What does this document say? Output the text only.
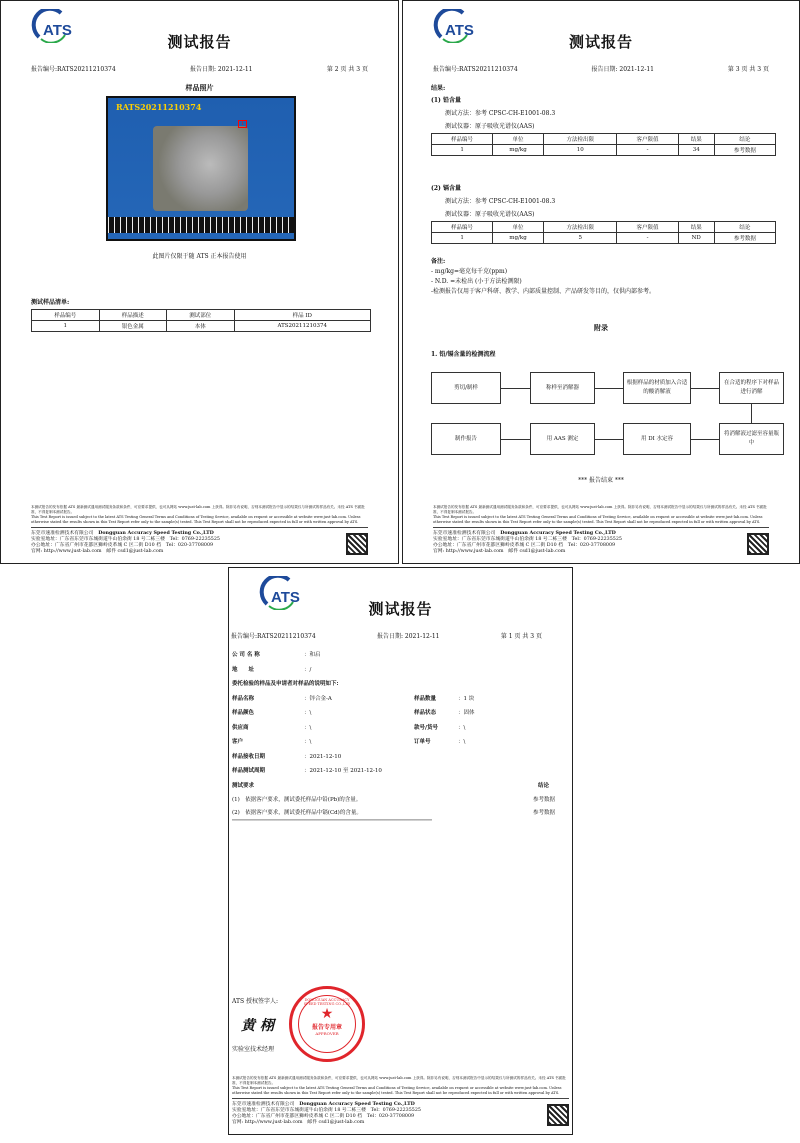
ATS
测试报告
报告编号:RATS20211210374	报告日期: 2021-12-11	第 2 页 共 3 页
样品照片
RATS20211210374
1
此图片仅限于随 ATS 正本报告使用
测试样品清单:
样品编号	样品描述	测试部位	样品 ID
1	银色金属	本体	ATS20211210374
本测试报告的发布依据 ATS 最新测试通用测试服务条款和条件，可应要求提供，也可从网站 www.just-lab.com 上获得。除非另有说明，否则本测试报告中显示的结果仅与所测试的样品有关。未经 ATS 书面批准，不得复制本测试报告。
This Test Report is issued subject to the latest ATS Testing General Terms and Conditions of Testing Service, available on request or accessible at website www.just-lab.com. Unless otherwise stated the results shown in this Test Report refer only to the sample(s) tested. This Test Report shall not be reproduced expected in full or with written approval by ATS.
东莞市速准检测技术有限公司　 Dongguan Accuracy Speed Testing Co.,LTD
实验室地址：广东省东莞市东城街道牛山伯余街 18 号二栋三楼　 Tel：0769-22235525
办公地址：广东省广州市花都区狮岭皮革城 C 区二街 D10 档　 Tel：020-37708009
官网: http://www.just-lab.com　 邮件 csd1@just-lab.com
ATS
测试报告
报告编号:RATS20211210374	报告日期: 2021-12-11	第 3 页 共 3 页
结果:
(1) 铅含量
测试方法：参考 CPSC-CH-E1001-08.3
测试仪器：原子吸收光谱仪(AAS)
样品编号	单位	方法检出限	客户限值	结果	结论
1	mg/kg	10	-	34	参考数据
(2) 镉含量
测试方法：参考 CPSC-CH-E1001-08.3
测试仪器：原子吸收光谱仪(AAS)
样品编号	单位	方法检出限	客户限值	结果	结论
1	mg/kg	5	-	ND	参考数据
备注:
- mg/kg=毫克每千克(ppm)
- N.D. =未检出 (小于方法检测限)
-检测报告仅用于客户科研、教学、内部质量控制、产品研发等目的，仅供内部参考。
附录
1. 铅/镉含量的检测流程
剪切/制样	称样至消解器
根据样品的材质加入合适的酸消解液
在合适的程序下对样品进行消解
将消解液过滤至容量瓶中
用 DI 水定容
用 AAS 测定
制作报告
*** 报告结束 ***
本测试报告的发布依据 ATS 最新测试通用测试服务条款和条件，可应要求提供，也可从网站 www.just-lab.com 上获得。除非另有说明，否则本测试报告中显示的结果仅与所测试的样品有关。未经 ATS 书面批准，不得复制本测试报告。
This Test Report is issued subject to the latest ATS Testing General Terms and Conditions of Testing Service, available on request or accessible at website www.just-lab.com. Unless otherwise stated the results shown in this Test Report refer only to the sample(s) tested. This Test Report shall not be reproduced expected in full or with written approval by ATS.
东莞市速准检测技术有限公司　 Dongguan Accuracy Speed Testing Co.,LTD
实验室地址：广东省东莞市东城街道牛山伯余街 18 号二栋三楼　 Tel：0769-22235525
办公地址：广东省广州市花都区狮岭皮革城 C 区二街 D10 档　 Tel：020-37708009
官网: http://www.just-lab.com　 邮件 csd1@just-lab.com
ATS
测试报告
报告编号:RATS20211210374	报告日期: 2021-12-11	第 1 页 共 3 页
公 司 名 称	：和启
地　　址	：/
委托检验的样品及申请者对样品的说明如下:
样品名称	：锌合金-A	样品数量	：1 块
样品颜色	：\	样品状态	：固体
供应商	：\	款号/货号	：\
客户	：\	订单号	：\
样品接收日期	：2021-12-10
样品测试周期	：2021-12-10 至 2021-12-10
测试要求	结论
(1)　依据客户要求，测试委托样品中铅(Pb)的含量。	参考数据
(2)　依据客户要求，测试委托样品中镉(Cd)的含量。	参考数据
****************************************************************************************************
ATS 授权签字人:
黄 栩
实验室技术经理
DONGGUAN ACCURACY SPEED TESTING CO.,LTD
★
报告专用章
APPROVER
本测试报告的发布依据 ATS 最新测试通用测试服务条款和条件，可应要求提供，也可从网站 www.just-lab.com 上获得。除非另有说明，否则本测试报告中显示的结果仅与所测试的样品有关。未经 ATS 书面批准，不得复制本测试报告。
This Test Report is issued subject to the latest ATS Testing General Terms and Conditions of Testing Service, available on request or accessible at website www.just-lab.com. Unless otherwise stated the results shown in this Test Report refer only to the sample(s) tested. This Test Report shall not be reproduced expected in full or with written approval by ATS.
东莞市速准检测技术有限公司　 Dongguan Accuracy Speed Testing Co.,LTD
实验室地址：广东省东莞市东城街道牛山伯余街 18 号二栋三楼　 Tel：0769-22235525
办公地址：广东省广州市花都区狮岭皮革城 C 区二街 D10 档　 Tel：020-37708009
官网: http://www.just-lab.com　 邮件 csd1@just-lab.com
